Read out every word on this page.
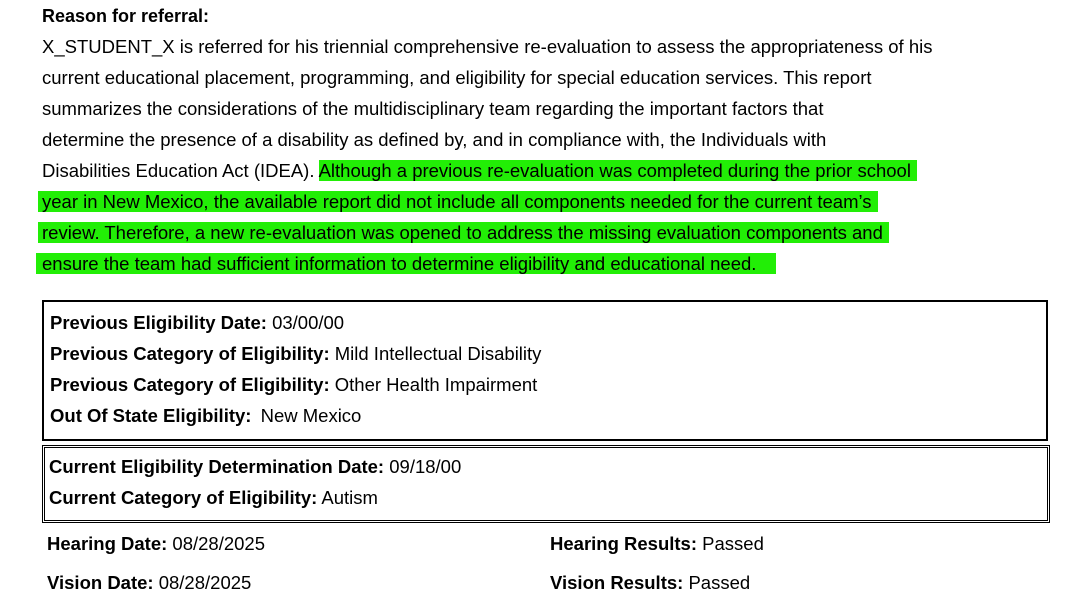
Reason for referral:
X_STUDENT_X is referred for his triennial comprehensive re-evaluation to assess the appropriateness of his
current educational placement, programming, and eligibility for special education services. This report
summarizes the considerations of the multidisciplinary team regarding the important factors that
determine the presence of a disability as defined by, and in compliance with, the Individuals with
Disabilities Education Act (IDEA). Although a previous re-evaluation was completed during the prior school
year in New Mexico, the available report did not include all components needed for the current team’s
review. Therefore, a new re-evaluation was opened to address the missing evaluation components and
ensure the team had sufficient information to determine eligibility and educational need.
Previous Eligibility Date: 03/00/00
Previous Category of Eligibility: Mild Intellectual Disability
Previous Category of Eligibility: Other Health Impairment
Out Of State Eligibility: New Mexico
Current Eligibility Determination Date: 09/18/00
Current Category of Eligibility: Autism
Hearing Date: 08/28/2025	Hearing Results: Passed
Vision Date: 08/28/2025	Vision Results: Passed
